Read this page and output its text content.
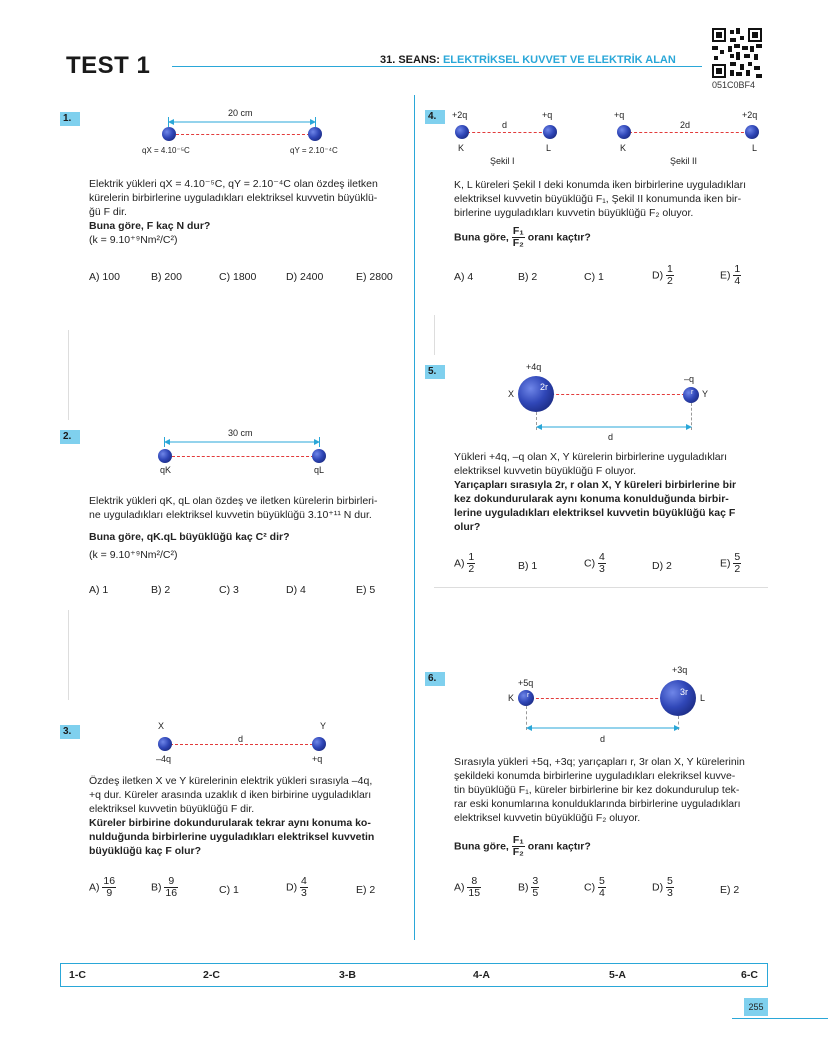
TEST 1	31. SEANS: ELEKTRİKSEL KUVVET VE ELEKTRİK ALAN
051C0BF4
1.	20 cm
qX = 4.10⁻⁵C	qY = 2.10⁻⁴C
Elektrik yükleri qX = 4.10⁻⁵C, qY = 2.10⁻⁴C olan özdeş iletken
kürelerin birbirlerine uyguladıkları elektriksel kuvvetin büyüklü-
ğü F dir.
Buna göre, F kaç N dur?
(k = 9.10⁺⁹Nm²/C²)
A) 100	B) 200	C) 1800	D) 2400	E) 2800
2.	30 cm
qK	qL
Elektrik yükleri qK, qL olan özdeş ve iletken kürelerin birbirleri-
ne uyguladıkları elektriksel kuvvetin büyüklüğü 3.10⁺¹¹ N dur.
Buna göre, qK.qL büyüklüğü kaç C² dir?
(k = 9.10⁺⁹Nm²/C²)
A) 1	B) 2	C) 3	D) 4	E) 5
3.	X	Y
d
–4q	+q
Özdeş iletken X ve Y kürelerinin elektrik yükleri sırasıyla –4q,
+q dur. Küreler arasında uzaklık d iken birbirine uyguladıkları
elektriksel kuvvetin büyüklüğü F dir.
Küreler birbirine dokundurularak tekrar aynı konuma ko-
nulduğunda birbirlerine uyguladıkları elektriksel kuvvetin
büyüklüğü kaç F olur?
$A) \frac{16}{9}$	$B) \frac{9}{16}$	C) 1	$D) \frac{4}{3}$	E) 2
4.	+2q	+q
d
K	L
Şekil I
+q	+2q
2d
K	L
Şekil II
K, L küreleri Şekil I deki konumda iken birbirlerine uyguladıkları
elektriksel kuvvetin büyüklüğü F₁, Şekil II konumunda iken bir-
birlerine uyguladıkları kuvvetin büyüklüğü F₂ oluyor.
Buna göre, $\frac{\text{F₁}}{\text{F₂}}$ oranı kaçtır?
A) 4	B) 2	C) 1	$D) \frac{1}{2}$	$E) \frac{1}{4}$
5.	+4q
–q
X
2r
r Y
d
Yükleri +4q, –q olan X, Y kürelerin birbirlerine uyguladıkları
elektriksel kuvvetin büyüklüğü F oluyor.
Yarıçapları sırasıyla 2r, r olan X, Y küreleri birbirlerine bir
kez dokundurularak aynı konuma konulduğunda birbir-
lerine uyguladıkları elektriksel kuvvetin büyüklüğü kaç F
olur?
$A) \frac{1}{2}$	B) 1	$C) \frac{4}{3}$	D) 2	$E) \frac{5}{2}$
6.	+5q
+3q
K r	3r
L
d
Sırasıyla yükleri +5q, +3q; yarıçapları r, 3r olan X, Y kürelerinin
şekildeki konumda birbirlerine uyguladıkları elekriksel kuvve-
tin büyüklüğü F₁, küreler birbirlerine bir kez dokundurulup tek-
rar eski konumlarına konulduklarında birbirlerine uyguladıkları
elektriksel kuvvetin büyüklüğü F₂ oluyor.
Buna göre, $\frac{\text{F₁}}{\text{F₂}}$ oranı kaçtır?
$A) \frac{8}{15}$	$B) \frac{3}{5}$	$C) \frac{5}{4}$	$D) \frac{5}{3}$	E) 2
1-C	2-C	3-B	4-A	5-A	6-C
255
